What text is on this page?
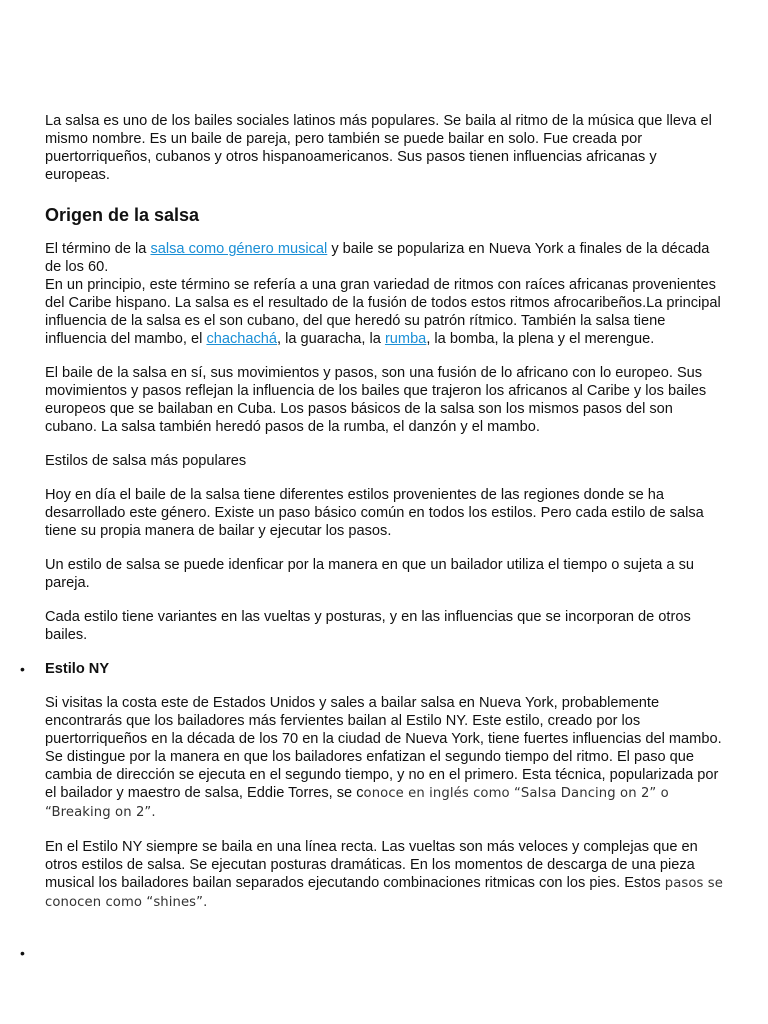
La salsa es uno de los bailes sociales latinos más populares. Se baila al ritmo de la música que lleva el mismo nombre. Es un baile de pareja, pero también se puede bailar en solo. Fue creada por puertorriqueños, cubanos y otros hispanoamericanos. Sus pasos tienen influencias africanas y europeas.

Origen de la salsa

El término de la salsa como género musical y baile se populariza en Nueva York a finales de la década de los 60.
En un principio, este término se refería a una gran variedad de ritmos con raíces africanas provenientes del Caribe hispano. La salsa es el resultado de la fusión de todos estos ritmos afrocaribeños.La principal influencia de la salsa es el son cubano, del que heredó su patrón rítmico. También la salsa tiene influencia del mambo, el chachachá, la guaracha, la rumba, la bomba, la plena y el merengue.

El baile de la salsa en sí, sus movimientos y pasos, son una fusión de lo africano con lo europeo. Sus movimientos y pasos reflejan la influencia de los bailes que trajeron los africanos al Caribe y los bailes europeos que se bailaban en Cuba. Los pasos básicos de la salsa son los mismos pasos del son cubano. La salsa también heredó pasos de la rumba, el danzón y el mambo.

Estilos de salsa más populares

Hoy en día el baile de la salsa tiene diferentes estilos provenientes de las regiones donde se ha desarrollado este género. Existe un paso básico común en todos los estilos. Pero cada estilo de salsa tiene su propia manera de bailar y ejecutar los pasos.

Un estilo de salsa se puede idenficar por la manera en que un bailador utiliza el tiempo o sujeta a su pareja.

Cada estilo tiene variantes en las vueltas y posturas, y en las influencias que se incorporan de otros bailes.

• Estilo NY

Si visitas la costa este de Estados Unidos y sales a bailar salsa en Nueva York, probablemente encontrarás que los bailadores más fervientes bailan al Estilo NY. Este estilo, creado por los puertorriqueños en la década de los 70 en la ciudad de Nueva York, tiene fuertes influencias del mambo.
Se distingue por la manera en que los bailadores enfatizan el segundo tiempo del ritmo. El paso que cambia de dirección se ejecuta en el segundo tiempo, y no en el primero. Esta técnica, popularizada por el bailador y maestro de salsa, Eddie Torres, se conoce en inglés como “Salsa Dancing on 2” o “Breaking on 2”.

En el Estilo NY siempre se baila en una línea recta. Las vueltas son más veloces y complejas que en otros estilos de salsa. Se ejecutan posturas dramáticas. En los momentos de descarga de una pieza musical los bailadores bailan separados ejecutando combinaciones ritmicas con los pies. Estos pasos se conocen como “shines”.

•
